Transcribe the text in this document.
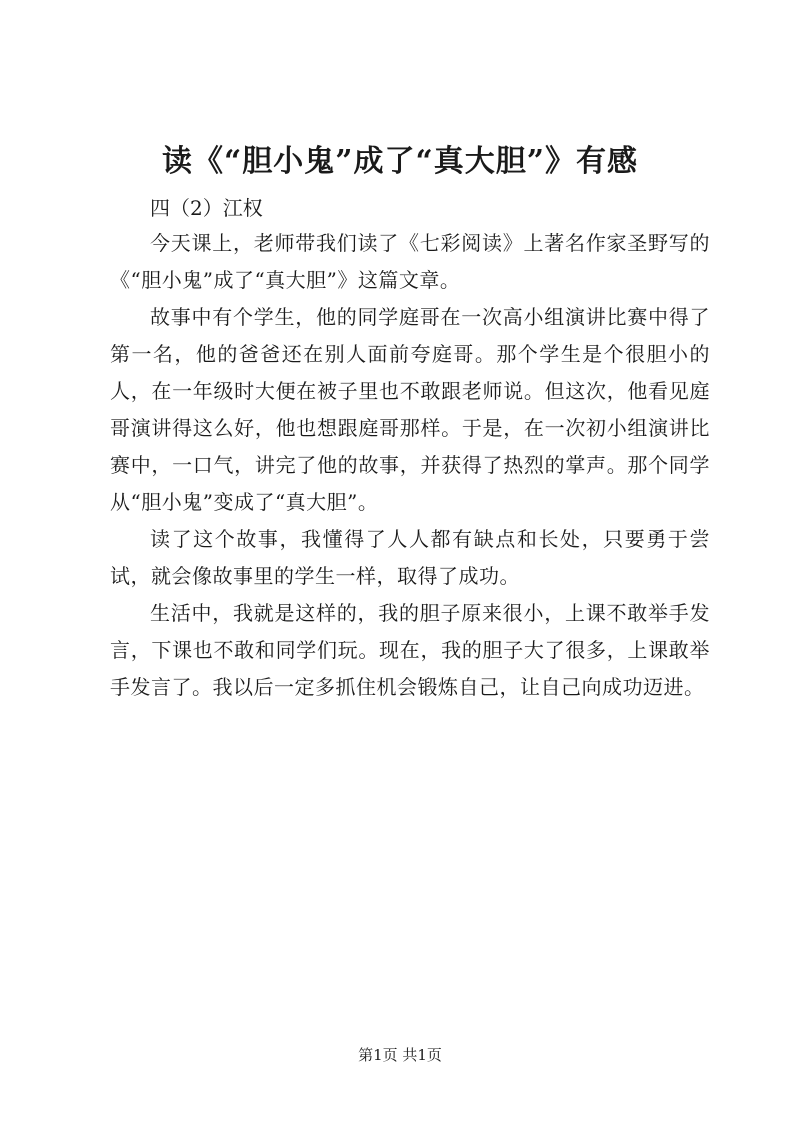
读《“胆小鬼”成了“真大胆”》有感
四（2）江权

今天课上，老师带我们读了《七彩阅读》上著名作家圣野写的《“胆小鬼”成了“真大胆”》这篇文章。

故事中有个学生，他的同学庭哥在一次高小组演讲比赛中得了第一名，他的爸爸还在别人面前夸庭哥。那个学生是个很胆小的人，在一年级时大便在被子里也不敢跟老师说。但这次，他看见庭哥演讲得这么好，他也想跟庭哥那样。于是，在一次初小组演讲比赛中，一口气，讲完了他的故事，并获得了热烈的掌声。那个同学从“胆小鬼”变成了“真大胆”。

读了这个故事，我懂得了人人都有缺点和长处，只要勇于尝试，就会像故事里的学生一样，取得了成功。

生活中，我就是这样的，我的胆子原来很小，上课不敢举手发言，下课也不敢和同学们玩。现在，我的胆子大了很多，上课敢举手发言了。我以后一定多抓住机会锻炼自己，让自己向成功迈进。

第1页 共1页
